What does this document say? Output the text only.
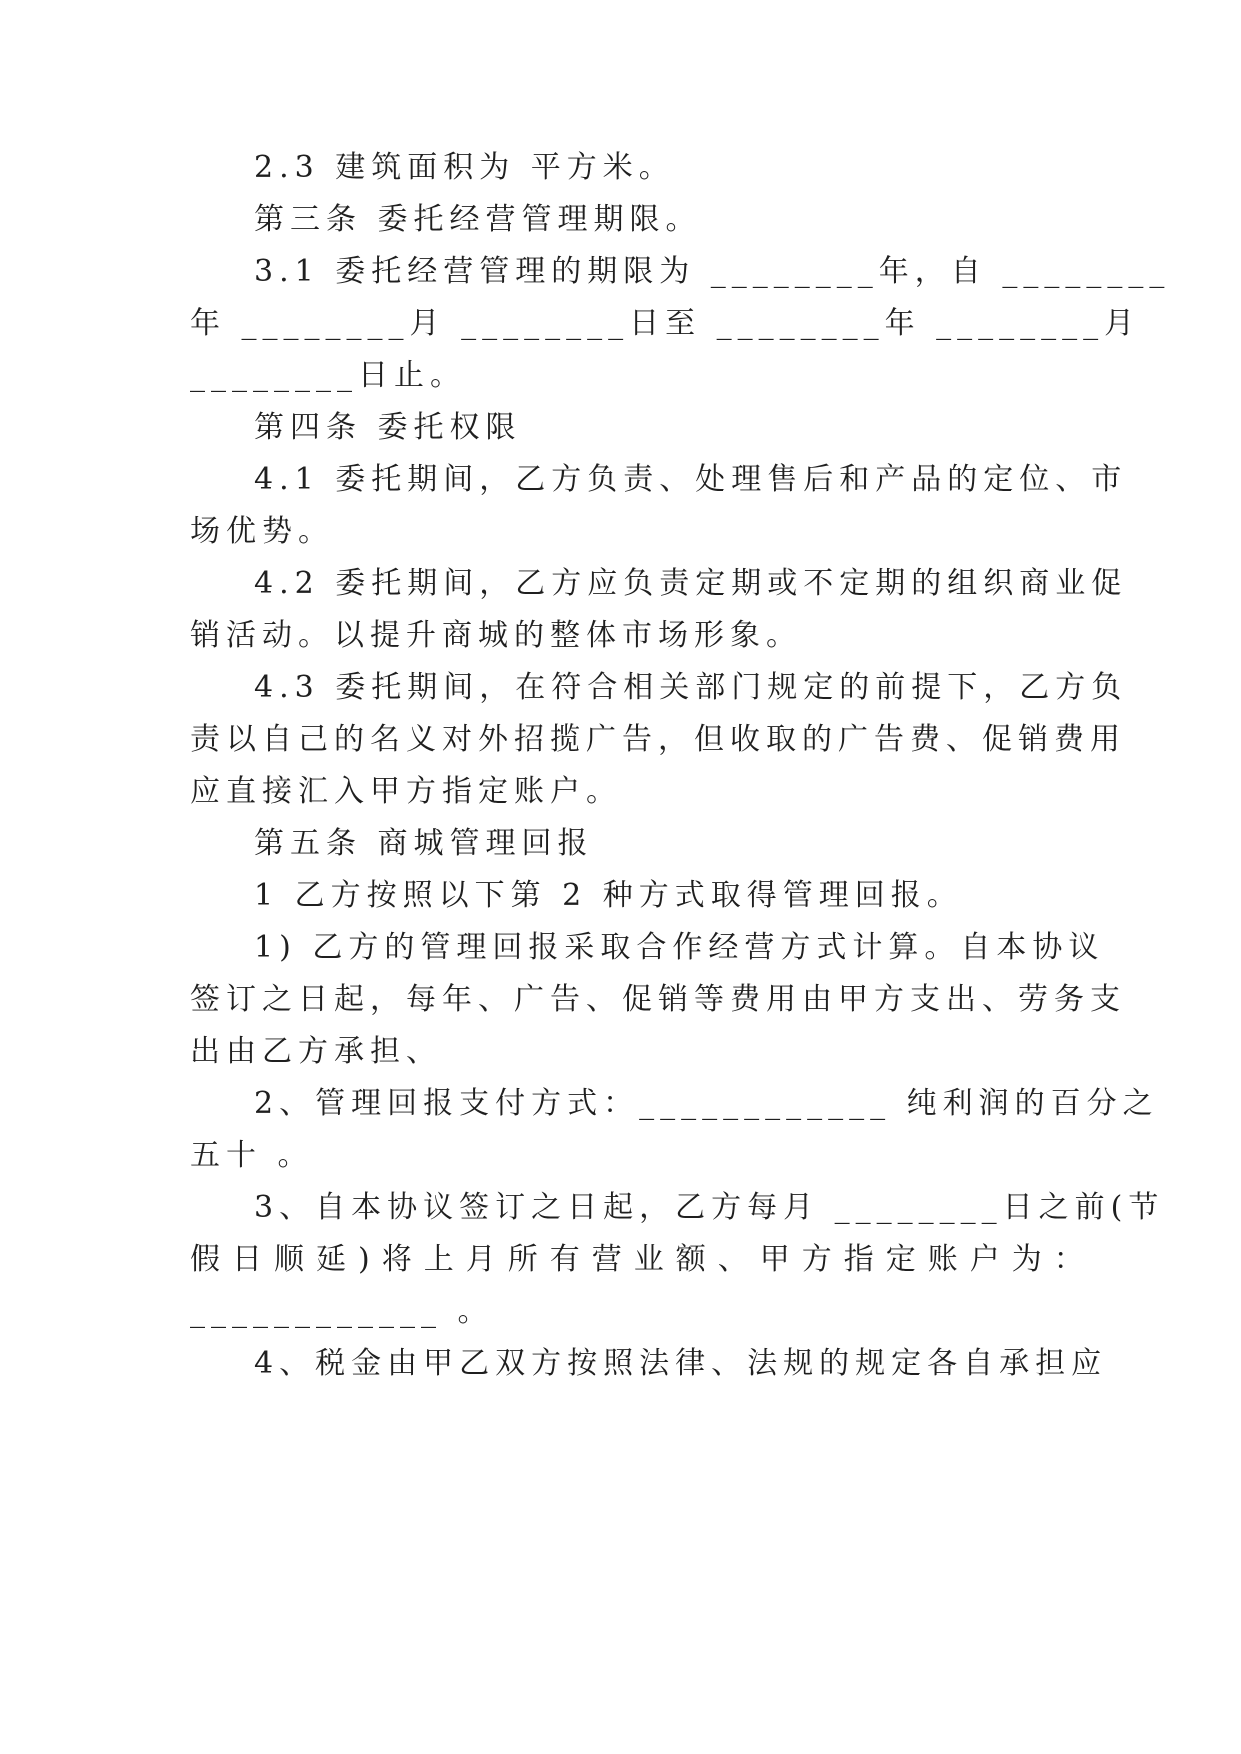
2.3 建筑面积为 平方米。

第三条 委托经营管理期限。

3.1 委托经营管理的期限为 ________年，自 ________

年 ________月 ________日至 ________年 ________月

________日止。

第四条 委托权限

4.1 委托期间，乙方负责、处理售后和产品的定位、市

场优势。

4.2 委托期间，乙方应负责定期或不定期的组织商业促

销活动。以提升商城的整体市场形象。

4.3 委托期间，在符合相关部门规定的前提下，乙方负

责以自己的名义对外招揽广告，但收取的广告费、促销费用

应直接汇入甲方指定账户。

第五条 商城管理回报

1 乙方按照以下第 2 种方式取得管理回报。

1) 乙方的管理回报采取合作经营方式计算。自本协议

签订之日起，每年、广告、促销等费用由甲方支出、劳务支

出由乙方承担、

2、管理回报支付方式：____________ 纯利润的百分之

五十 。

3、自本协议签订之日起，乙方每月 ________日之前(节

假日顺延)将上月所有营业额、甲方指定账户为：

____________ 。

4、税金由甲乙双方按照法律、法规的规定各自承担应
